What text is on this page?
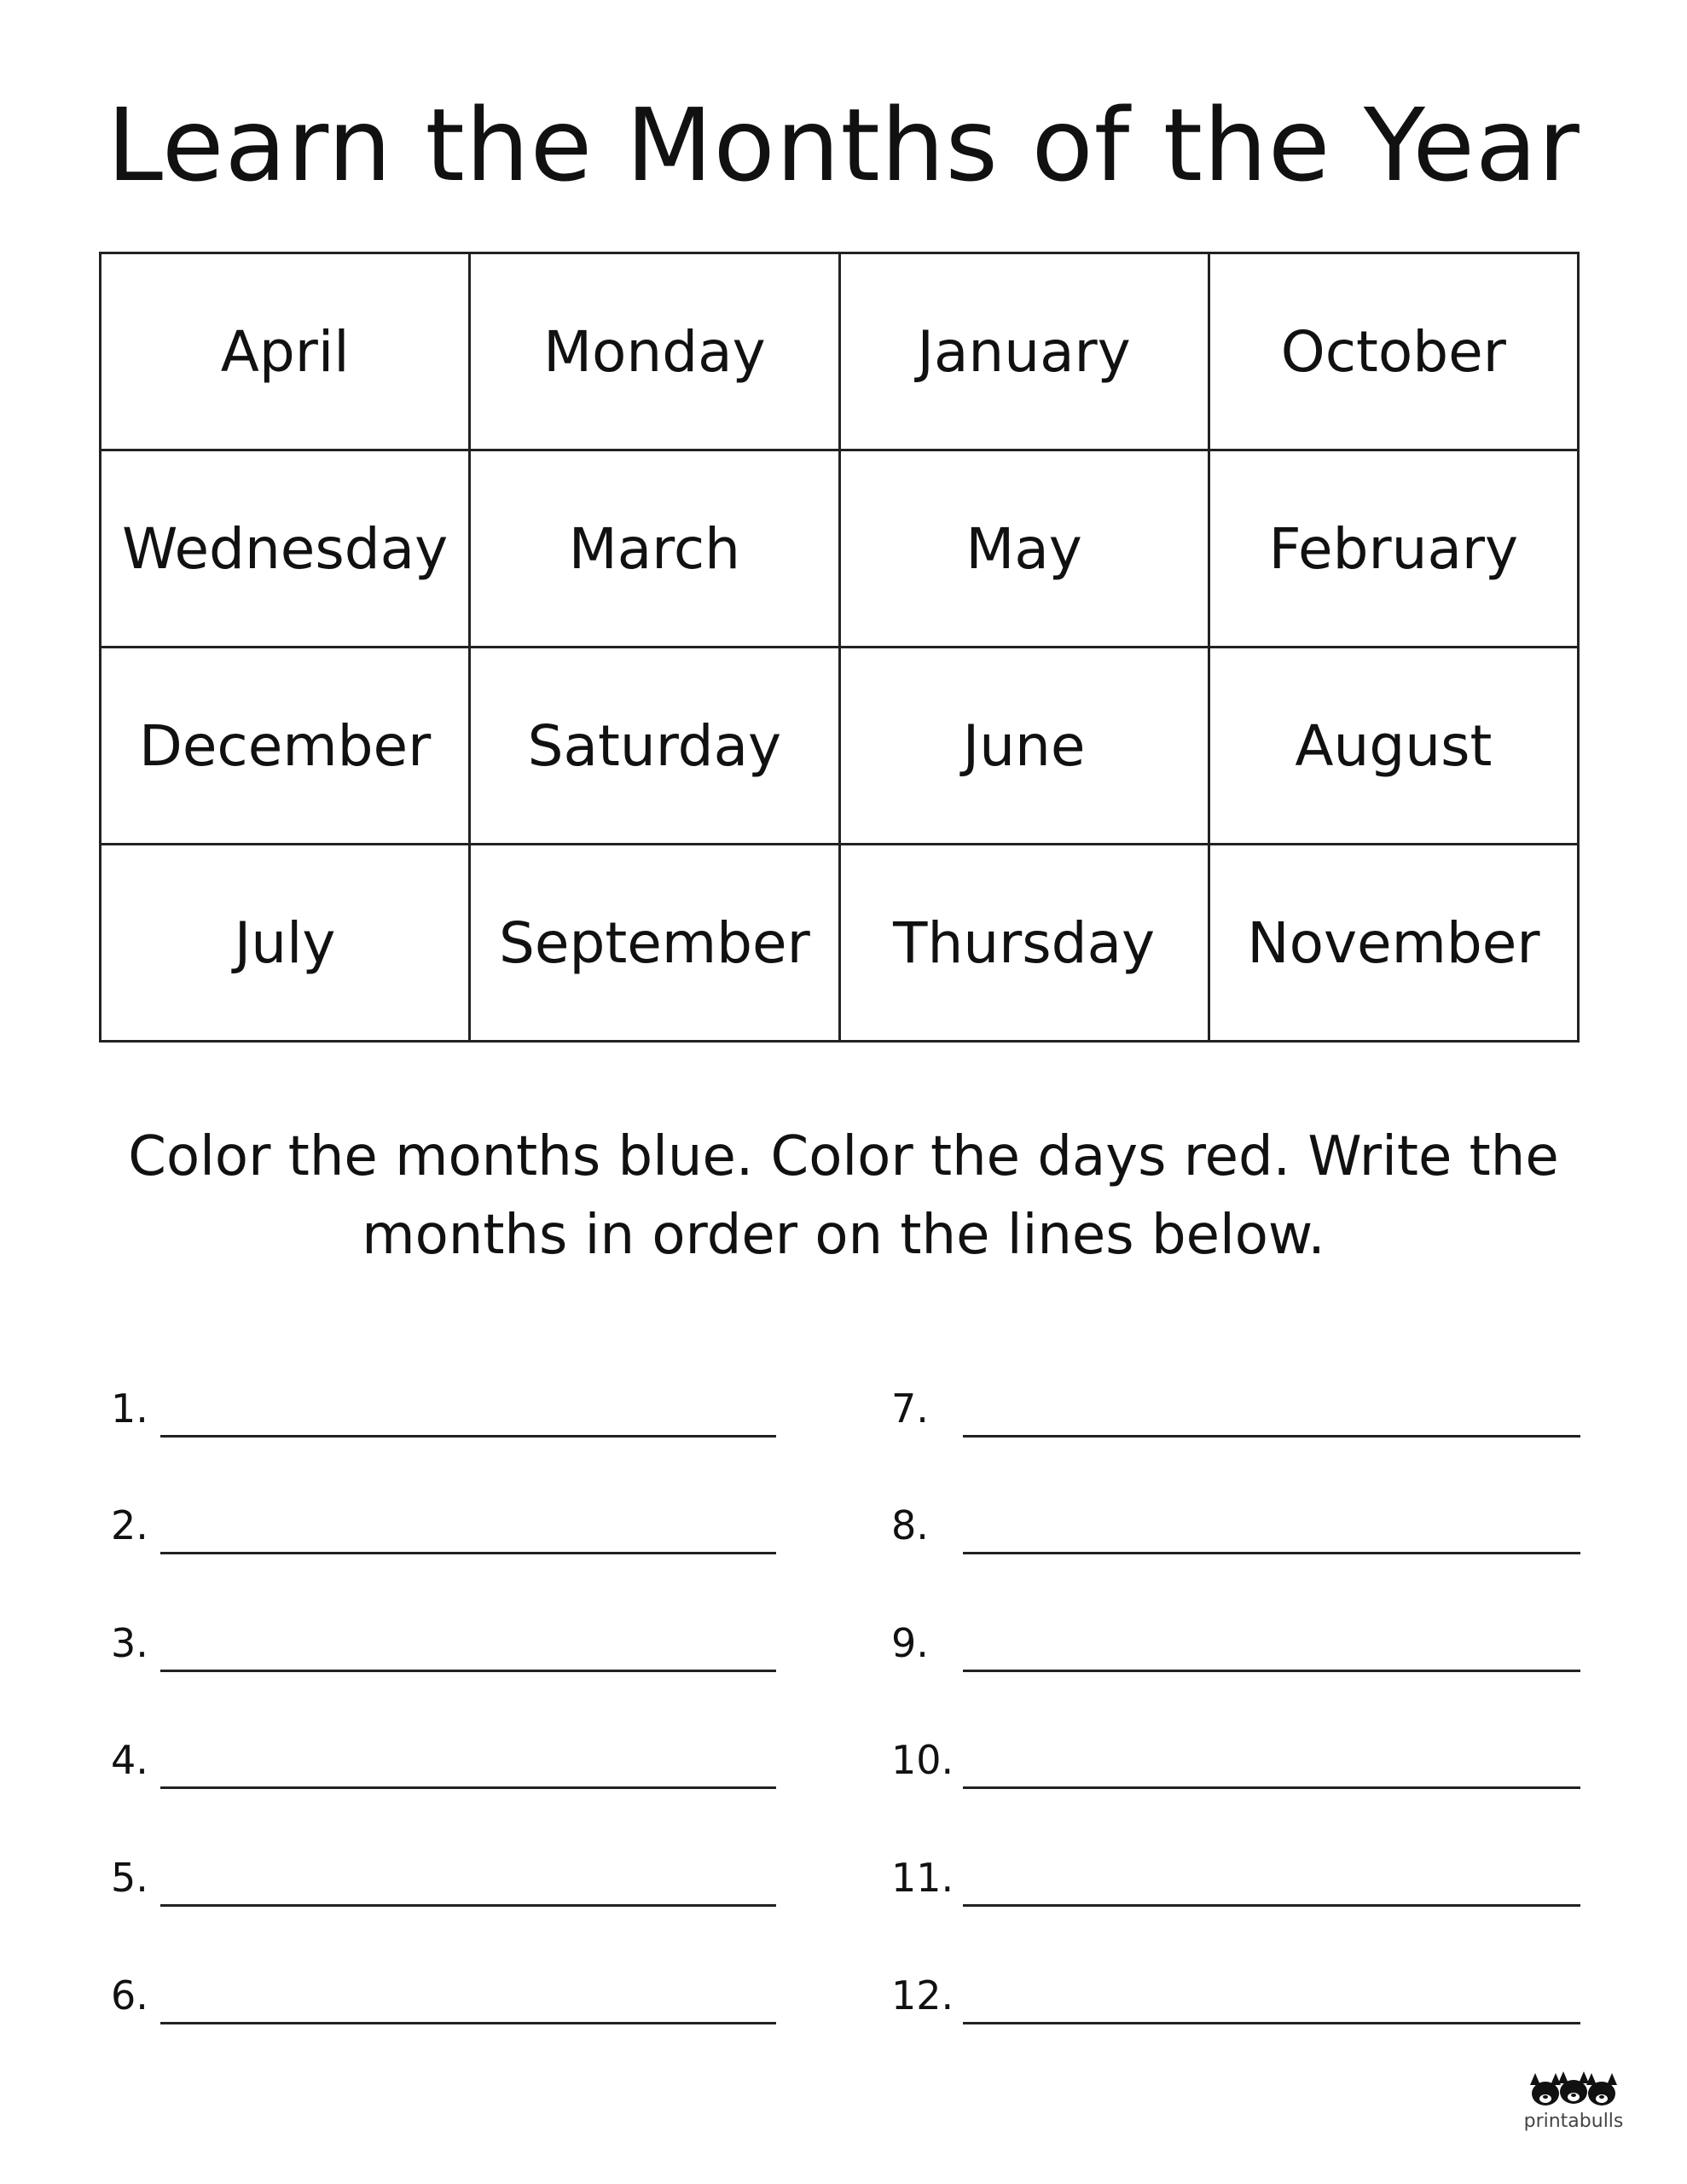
Learn the Months of the Year
April	Monday	January	October
Wednesday	March	May	February
December	Saturday	June	August
July	September	Thursday	November

Color the months blue. Color the days red. Write the months in order on the lines below.

1.
2.
3.
4.
5.
6.
7.
8.
9.
10.
11.
12.
printabulls
